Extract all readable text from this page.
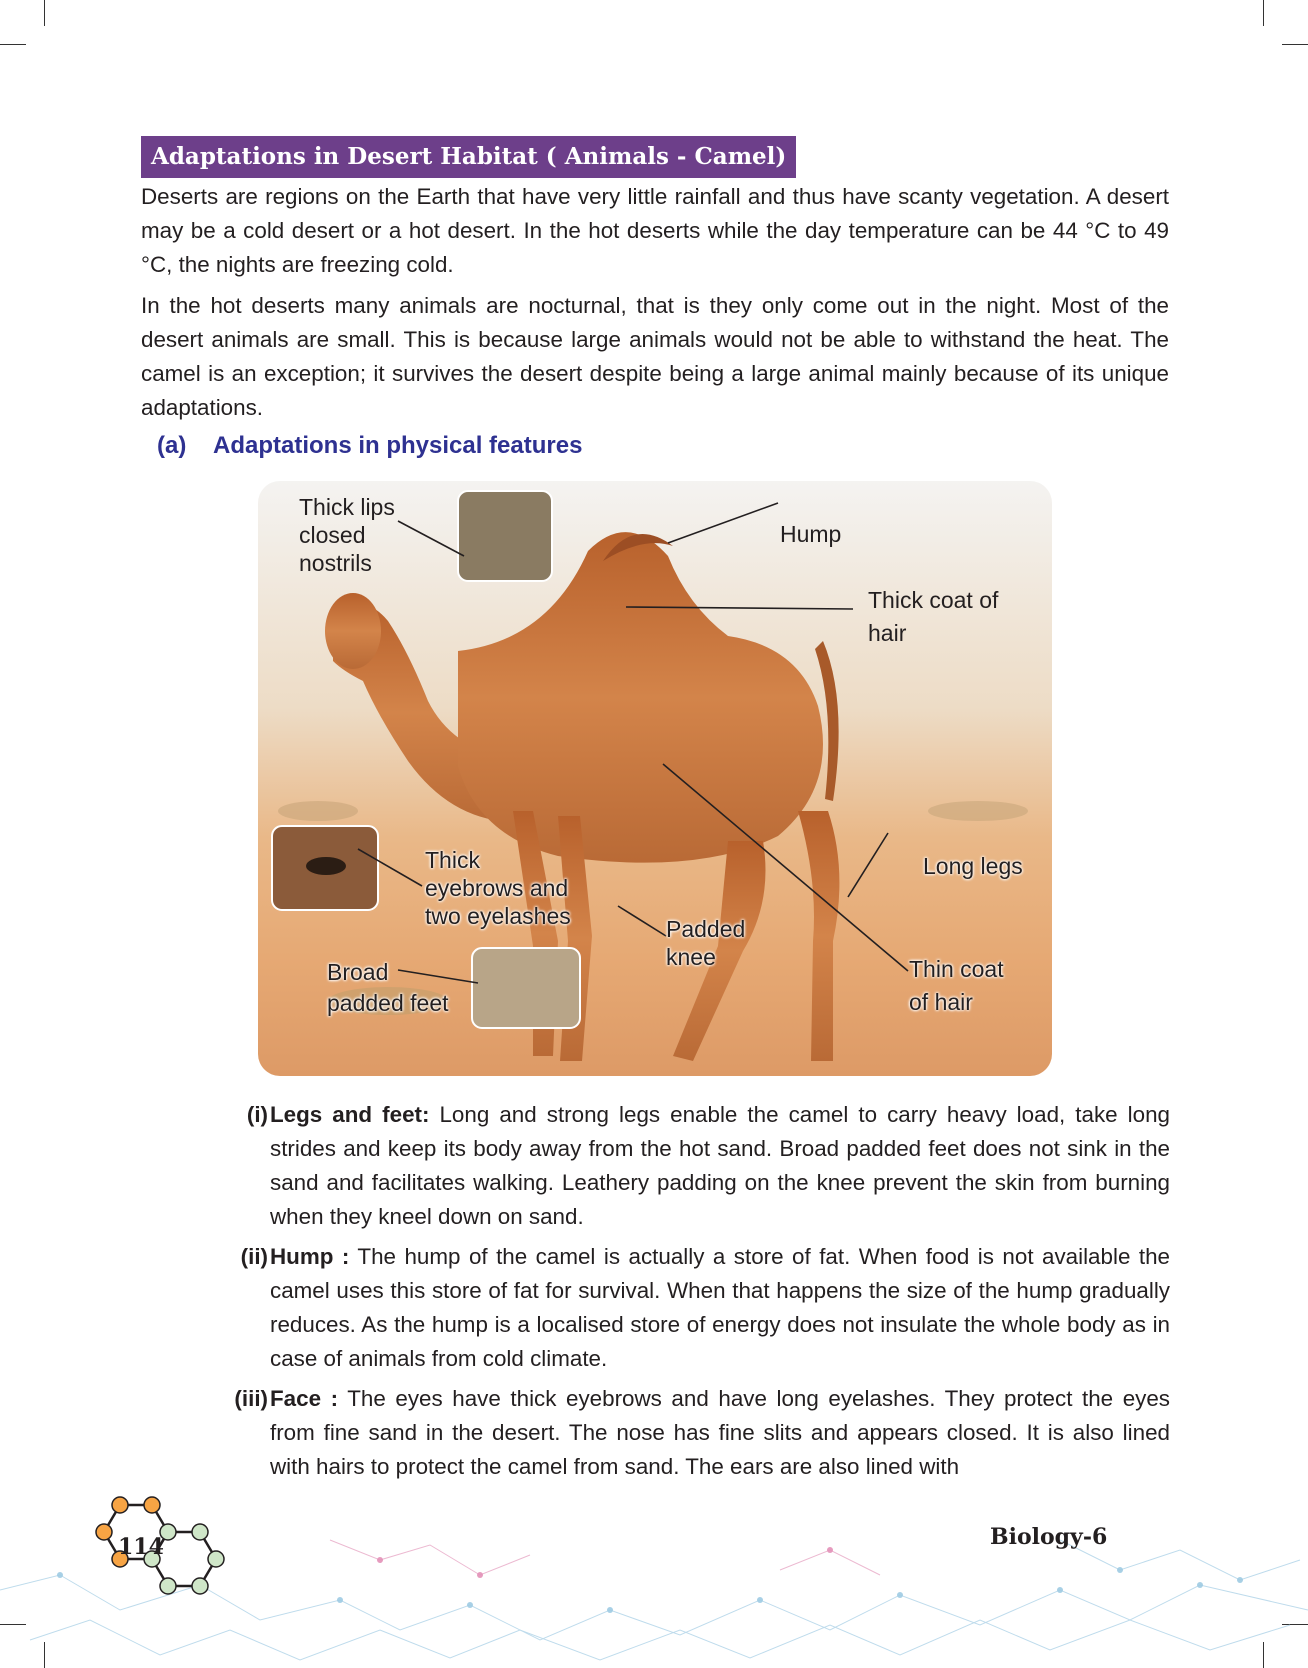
Adaptations in Desert Habitat ( Animals - Camel)

Deserts are regions on the Earth that have very little rainfall and thus have scanty vegetation. A desert may be a cold desert or a hot desert. In the hot deserts while the day temperature can be 44 °C to 49 °C, the nights are freezing cold.

In the hot deserts many animals are nocturnal, that is they only come out in the night. Most of the desert animals are small. This is because large animals would not be able to withstand the heat. The camel is an exception; it survives the desert despite being a large animal mainly because of its unique adaptations.

(a) Adaptations in physical features
Thick lips
closed
nostrils
Hump
Thick coat of
hair
Thick
eyebrows and
two eyelashes
Long legs
Padded
knee
Broad
padded feet
Thin coat
of hair
(i) Legs and feet: Long and strong legs enable the camel to carry heavy load, take long strides and keep its body away from the hot sand. Broad padded feet does not sink in the sand and facilitates walking. Leathery padding on the knee prevent the skin from burning when they kneel down on sand.
(ii) Hump : The hump of the camel is actually a store of fat. When food is not available the camel uses this store of fat for survival. When that happens the size of the hump gradually reduces. As the hump is a localised store of energy does not insulate the whole body as in case of animals from cold climate.
(iii) Face : The eyes have thick eyebrows and have long eyelashes. They protect the eyes from fine sand in the desert. The nose has fine slits and appears closed. It is also lined with hairs to protect the camel from sand. The ears are also lined with
114	Biology-6
